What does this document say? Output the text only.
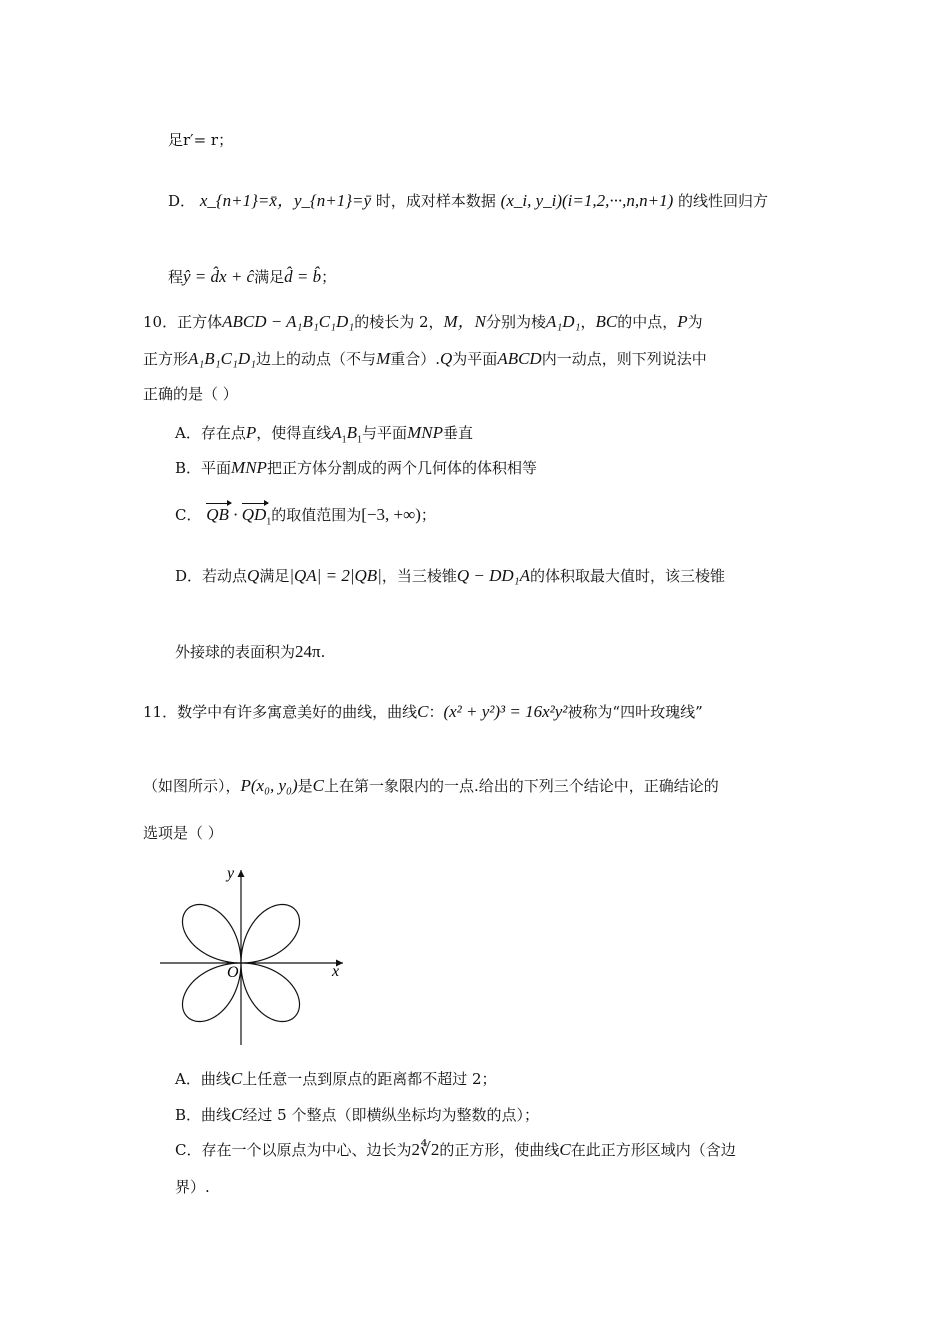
足r′= r；
D． x_{n+1}=x̄，y_{n+1}=ȳ 时，成对样本数据 (x_i, y_i)(i=1,2,···,n,n+1) 的线性回归方
程ŷ = d̂x + ĉ满足d̂ = b̂；
10．正方体ABCD − A₁B₁C₁D₁的棱长为 2，M，N分别为棱A₁D₁，BC的中点，P为
正方形A₁B₁C₁D₁边上的动点（不与M重合）.Q为平面ABCD内一动点，则下列说法中
正确的是（ ）
A．存在点P，使得直线$A_1B_1$与平面MNP垂直
B．平面MNP把正方体分割成的两个几何体的体积相等
C． QB · $QD_1$的取值范围为[−3, +∞)；
D．若动点Q满足|QA| = 2|QB|，当三棱锥Q − DD₁A的体积取最大值时，该三棱锥
外接球的表面积为24π.
11．数学中有许多寓意美好的曲线，曲线C：(x² + y²)³ = 16x²y²被称为“四叶玫瑰线”
（如图所示），P(x₀, y₀)是C上在第一象限内的一点.给出的下列三个结论中，正确结论的
选项是（ ）
y
x
O
A．曲线C上任意一点到原点的距离都不超过 2；
B．曲线C经过 5 个整点（即横纵坐标均为整数的点）；
C．存在一个以原点为中心、边长为2∜2的正方形，使曲线C在此正方形区域内（含边
界）.
